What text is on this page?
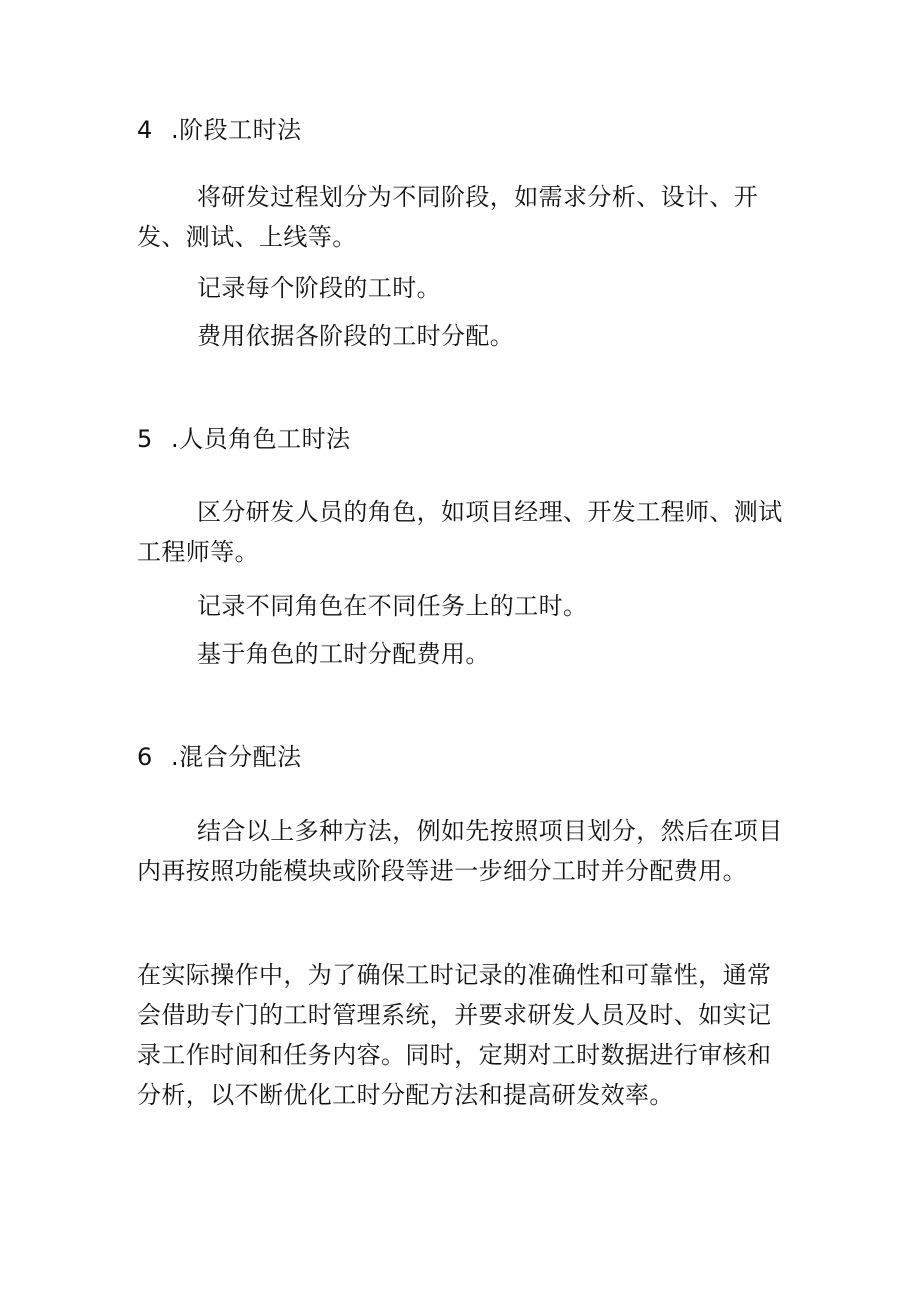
4 .阶段工时法

将研发过程划分为不同阶段，如需求分析、设计、开发、测试、上线等。

记录每个阶段的工时。
费用依据各阶段的工时分配。
5 .人员角色工时法

区分研发人员的角色，如项目经理、开发工程师、测试工程师等。

记录不同角色在不同任务上的工时。
基于角色的工时分配费用。
6 .混合分配法

结合以上多种方法，例如先按照项目划分，然后在项目内再按照功能模块或阶段等进一步细分工时并分配费用。

在实际操作中，为了确保工时记录的准确性和可靠性，通常会借助专门的工时管理系统，并要求研发人员及时、如实记录工作时间和任务内容。同时，定期对工时数据进行审核和分析，以不断优化工时分配方法和提高研发效率。
